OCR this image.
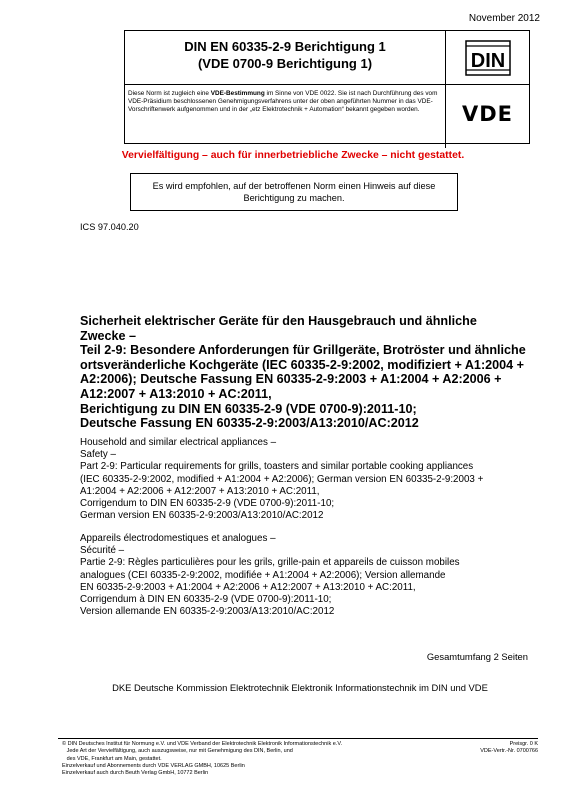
November 2012
DIN EN 60335-2-9 Berichtigung 1
(VDE 0700-9 Berichtigung 1)	DIN
Diese Norm ist zugleich eine VDE-Bestimmung im Sinne von VDE 0022. Sie ist nach Durchführung des vom VDE-Präsidium beschlossenen Genehmigungsverfahrens unter der oben angeführten Nummer in das VDE-Vorschriftenwerk aufgenommen und in der „etz Elektrotechnik + Automation“ bekannt gegeben worden.	VDE
Vervielfältigung – auch für innerbetriebliche Zwecke – nicht gestattet.
Es wird empfohlen, auf der betroffenen Norm einen Hinweis auf diese
Berichtigung zu machen.
ICS 97.040.20
Sicherheit elektrischer Geräte für den Hausgebrauch und ähnliche
Zwecke –
Teil 2-9: Besondere Anforderungen für Grillgeräte, Brotröster und ähnliche
ortsveränderliche Kochgeräte (IEC 60335-2-9:2002, modifiziert + A1:2004 +
A2:2006); Deutsche Fassung EN 60335-2-9:2003 + A1:2004 + A2:2006 +
A12:2007 + A13:2010 + AC:2011,
Berichtigung zu DIN EN 60335-2-9 (VDE 0700-9):2011-10;
Deutsche Fassung EN 60335-2-9:2003/A13:2010/AC:2012
Household and similar electrical appliances –
Safety –
Part 2-9: Particular requirements for grills, toasters and similar portable cooking appliances
(IEC 60335-2-9:2002, modified + A1:2004 + A2:2006); German version EN 60335-2-9:2003 +
A1:2004 + A2:2006 + A12:2007 + A13:2010 + AC:2011,
Corrigendum to DIN EN 60335-2-9 (VDE 0700-9):2011-10;
German version EN 60335-2-9:2003/A13:2010/AC:2012
Appareils électrodomestiques et analogues –
Sécurité –
Partie 2-9: Règles particulières pour les grils, grille-pain et appareils de cuisson mobiles
analogues (CEI 60335-2-9:2002, modifiée + A1:2004 + A2:2006); Version allemande
EN 60335-2-9:2003 + A1:2004 + A2:2006 + A12:2007 + A13:2010 + AC:2011,
Corrigendum à DIN EN 60335-2-9 (VDE 0700-9):2011-10;
Version allemande EN 60335-2-9:2003/A13:2010/AC:2012
Gesamtumfang 2 Seiten
DKE Deutsche Kommission Elektrotechnik Elektronik Informationstechnik im DIN und VDE
© DIN Deutsches Institut für Normung e.V. und VDE Verband der Elektrotechnik Elektronik Informationstechnik e.V.
Jede Art der Vervielfältigung, auch auszugsweise, nur mit Genehmigung des DIN, Berlin, und
des VDE, Frankfurt am Main, gestattet.
Einzelverkauf und Abonnements durch VDE VERLAG GMBH, 10625 Berlin
Einzelverkauf auch durch Beuth Verlag GmbH, 10772 Berlin
Preisgr. 0 K
VDE-Vertr.-Nr. 0700766
